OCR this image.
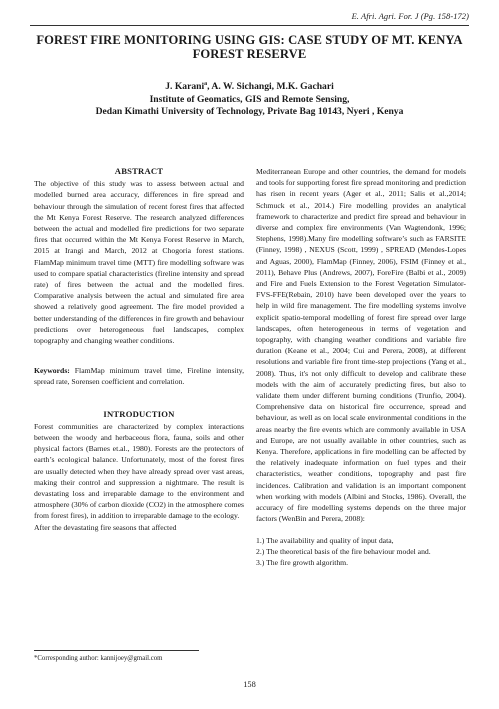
E. Afri. Agri. For. J (Pg. 158-172)
FOREST FIRE MONITORING USING GIS: CASE STUDY OF MT. KENYA FOREST RESERVE
J. Karani$^a$, A. W. Sichangi, M.K. Gachari
Institute of Geomatics, GIS and Remote Sensing,
Dedan Kimathi University of Technology, Private Bag 10143, Nyeri , Kenya
ABSTRACT

The objective of this study was to assess between actual and modelled burned area accuracy, differences in fire spread and behaviour through the simulation of recent forest fires that affected the Mt Kenya Forest Reserve. The research analyzed differences between the actual and modelled fire predictions for two separate fires that occurred within the Mt Kenya Forest Reserve in March, 2015 at Irangi and March, 2012 at Chogoria forest stations. FlamMap minimum travel time (MTT) fire modelling software was used to compare spatial characteristics (fireline intensity and spread rate) of fires between the actual and the modelled fires. Comparative analysis between the actual and simulated fire area showed a relatively good agreement. The fire model provided a better understanding of the differences in fire growth and behaviour predictions over heterogeneous fuel landscapes, complex topography and changing weather conditions.

Keywords: FlamMap minimum travel time, Fireline intensity, spread rate, Sorensen coefficient and correlation.

INTRODUCTION

Forest communities are characterized by complex interactions between the woody and herbaceous flora, fauna, soils and other physical factors (Barnes et.al., 1980). Forests are the protectors of earth’s ecological balance. Unfortunately, most of the forest fires are usually detected when they have already spread over vast areas, making their control and suppression a nightmare. The result is devastating loss and irreparable damage to the environment and atmosphere (30% of carbon dioxide (CO2) in the atmosphere comes from forest fires), in addition to irreparable damage to the ecology.

After the devastating fire seasons that affected

Mediterranean Europe and other countries, the demand for models and tools for supporting forest fire spread monitoring and prediction has risen in recent years (Ager et al., 2011; Salis et al.,2014; Schmuck et al., 2014.) Fire modelling provides an analytical framework to characterize and predict fire spread and behaviour in diverse and complex fire environments (Van Wagtendonk, 1996; Stephens, 1998).Many fire modelling software’s such as FARSITE (Finney, 1998) , NEXUS (Scott, 1999) , SPREAD (Mendes-Lopes and Aguas, 2000), FlamMap (Finney, 2006), FSIM (Finney et al., 2011), Behave Plus (Andrews, 2007), ForeFire (Balbi et al., 2009) and Fire and Fuels Extension to the Forest Vegetation Simulator- FVS-FFE(Rebain, 2010) have been developed over the years to help in wild fire management. The fire modelling systems involve explicit spatio-temporal modelling of forest fire spread over large landscapes, often heterogeneous in terms of vegetation and topography, with changing weather conditions and variable fire duration (Keane et al., 2004; Cui and Perera, 2008), at different resolutions and variable fire front time-step projections (Yang et al., 2008). Thus, it's not only difficult to develop and calibrate these models with the aim of accurately predicting fires, but also to validate them under different burning conditions (Trunfio, 2004). Comprehensive data on historical fire occurrence, spread and behaviour, as well as on local scale environmental conditions in the areas nearby the fire events which are commonly available in USA and Europe, are not usually available in other countries, such as Kenya. Therefore, applications in fire modelling can be affected by the relatively inadequate information on fuel types and their characteristics, weather conditions, topography and past fire incidences. Calibration and validation is an important component when working with models (Albini and Stocks, 1986). Overall, the accuracy of fire modelling systems depends on the three major factors (WenBin and Perera, 2008):

1.) The availability and quality of input data,
2.) The theoretical basis of the fire behaviour model and.
3.) The fire growth algorithm.
*Corresponding author: kannijoey@gmail.com
158
